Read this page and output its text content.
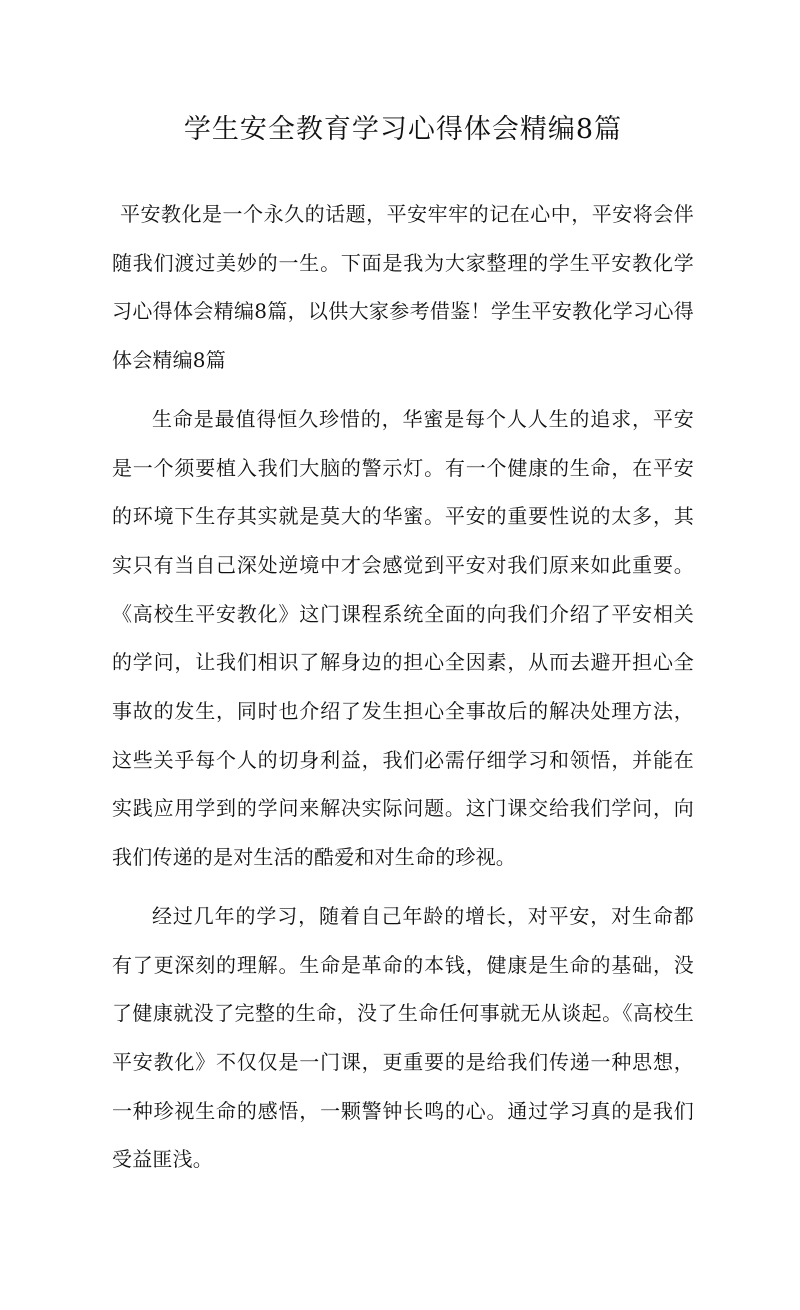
学生安全教育学习心得体会精编8篇

平安教化是一个永久的话题，平安牢牢的记在心中，平安将会伴随我们渡过美妙的一生。下面是我为大家整理的学生平安教化学习心得体会精编8篇，以供大家参考借鉴！学生平安教化学习心得体会精编8篇

生命是最值得恒久珍惜的，华蜜是每个人人生的追求，平安是一个须要植入我们大脑的警示灯。有一个健康的生命，在平安的环境下生存其实就是莫大的华蜜。平安的重要性说的太多，其实只有当自己深处逆境中才会感觉到平安对我们原来如此重要。《高校生平安教化》这门课程系统全面的向我们介绍了平安相关的学问，让我们相识了解身边的担心全因素，从而去避开担心全事故的发生，同时也介绍了发生担心全事故后的解决处理方法，这些关乎每个人的切身利益，我们必需仔细学习和领悟，并能在实践应用学到的学问来解决实际问题。这门课交给我们学问，向我们传递的是对生活的酷爱和对生命的珍视。

经过几年的学习，随着自己年龄的增长，对平安，对生命都有了更深刻的理解。生命是革命的本钱，健康是生命的基础，没了健康就没了完整的生命，没了生命任何事就无从谈起。《高校生平安教化》不仅仅是一门课，更重要的是给我们传递一种思想，一种珍视生命的感悟，一颗警钟长鸣的心。通过学习真的是我们受益匪浅。
